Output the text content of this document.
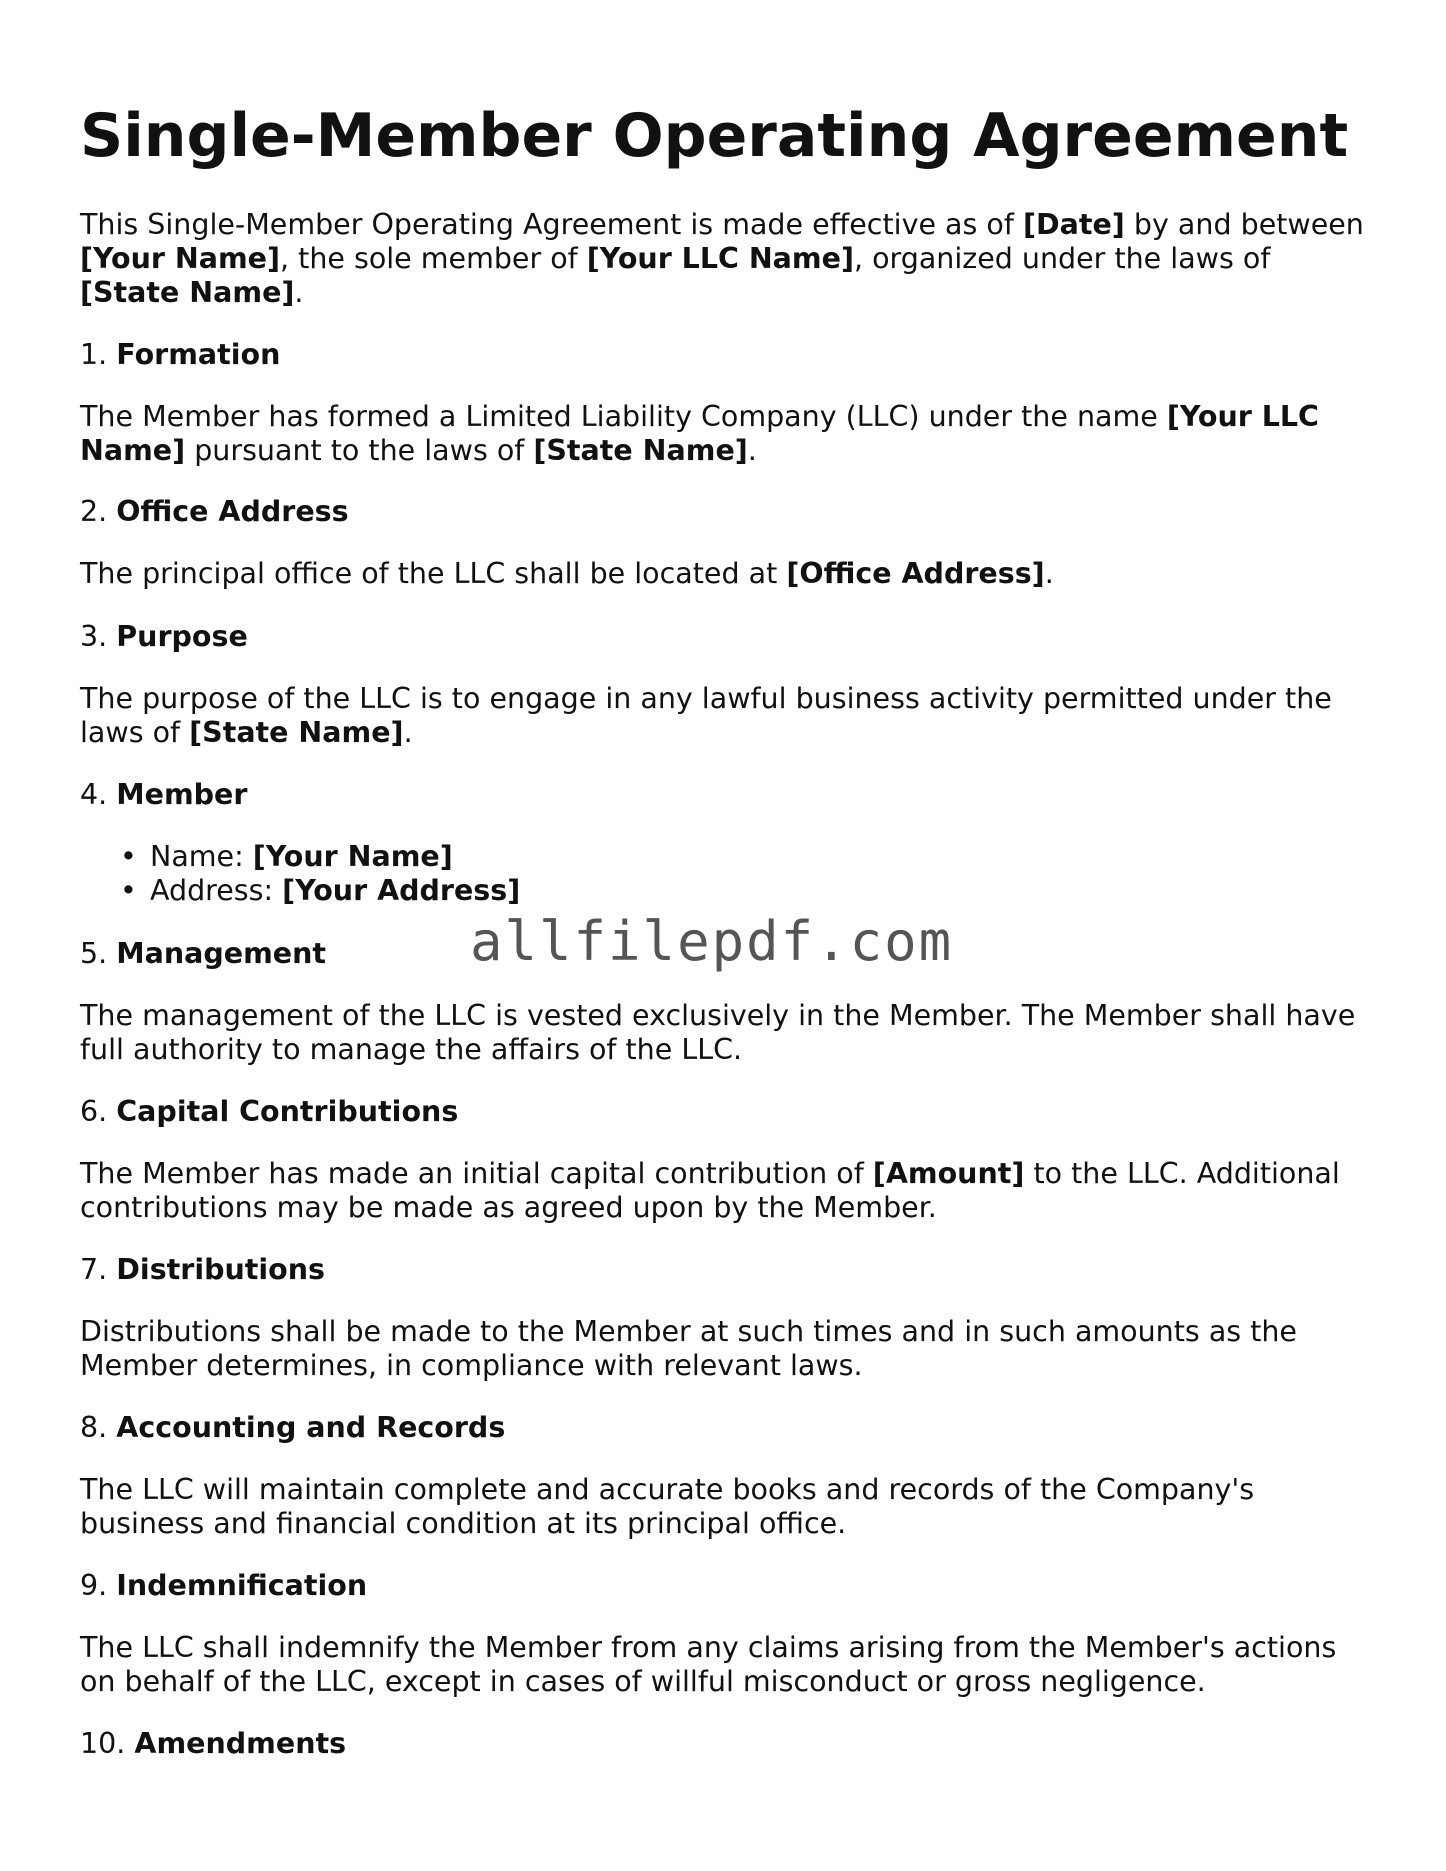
Single-Member Operating Agreement

This Single-Member Operating Agreement is made effective as of [Date] by and between
[Your Name], the sole member of [Your LLC Name], organized under the laws of
[State Name].

1. Formation

The Member has formed a Limited Liability Company (LLC) under the name [Your LLC Name] pursuant to the laws of [State Name].

2. Office Address

The principal office of the LLC shall be located at [Office Address].

3. Purpose

The purpose of the LLC is to engage in any lawful business activity permitted under the laws of [State Name].

4. Member

• Name: [Your Name]
• Address: [Your Address]

5. Management

The management of the LLC is vested exclusively in the Member. The Member shall have full authority to manage the affairs of the LLC.

6. Capital Contributions

The Member has made an initial capital contribution of [Amount] to the LLC. Additional contributions may be made as agreed upon by the Member.

7. Distributions

Distributions shall be made to the Member at such times and in such amounts as the Member determines, in compliance with relevant laws.

8. Accounting and Records

The LLC will maintain complete and accurate books and records of the Company's business and financial condition at its principal office.

9. Indemnification

The LLC shall indemnify the Member from any claims arising from the Member's actions on behalf of the LLC, except in cases of willful misconduct or gross negligence.

10. Amendments

allfilepdf.com
